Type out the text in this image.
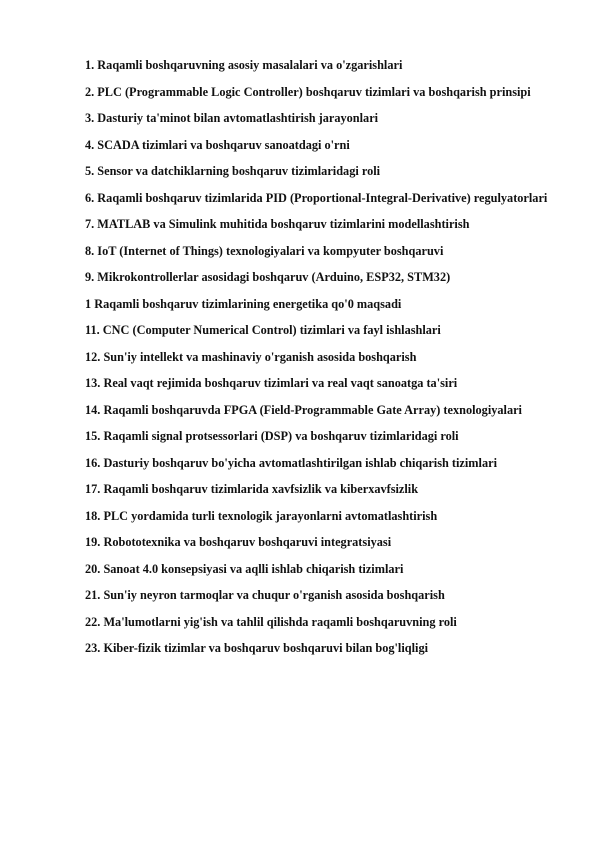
1. Raqamli boshqaruvning asosiy masalalari va o'zgarishlari
2. PLC (Programmable Logic Controller) boshqaruv tizimlari va boshqarish prinsipi
3. Dasturiy ta'minot bilan avtomatlashtirish jarayonlari
4. SCADA tizimlari va boshqaruv sanoatdagi o'rni
5. Sensor va datchiklarning boshqaruv tizimlaridagi roli
6. Raqamli boshqaruv tizimlarida PID (Proportional-Integral-Derivative) regulyatorlari
7. MATLAB va Simulink muhitida boshqaruv tizimlarini modellashtirish
8. IoT (Internet of Things) texnologiyalari va kompyuter boshqaruvi
9. Mikrokontrollerlar asosidagi boshqaruv (Arduino, ESP32, STM32)
1 Raqamli boshqaruv tizimlarining energetika qo'0 maqsadi
11. CNC (Computer Numerical Control) tizimlari va fayl ishlashlari
12. Sun'iy intellekt va mashinaviy o'rganish asosida boshqarish
13. Real vaqt rejimida boshqaruv tizimlari va real vaqt sanoatga ta'siri
14. Raqamli boshqaruvda FPGA (Field-Programmable Gate Array) texnologiyalari
15. Raqamli signal protsessorlari (DSP) va boshqaruv tizimlaridagi roli
16. Dasturiy boshqaruv bo'yicha avtomatlashtirilgan ishlab chiqarish tizimlari
17. Raqamli boshqaruv tizimlarida xavfsizlik va kiberxavfsizlik
18. PLC yordamida turli texnologik jarayonlarni avtomatlashtirish
19. Robototexnika va boshqaruv boshqaruvi integratsiyasi
20. Sanoat 4.0 konsepsiyasi va aqlli ishlab chiqarish tizimlari
21. Sun'iy neyron tarmoqlar va chuqur o'rganish asosida boshqarish
22. Ma'lumotlarni yig'ish va tahlil qilishda raqamli boshqaruvning roli
23. Kiber-fizik tizimlar va boshqaruv boshqaruvi bilan bog'liqligi
